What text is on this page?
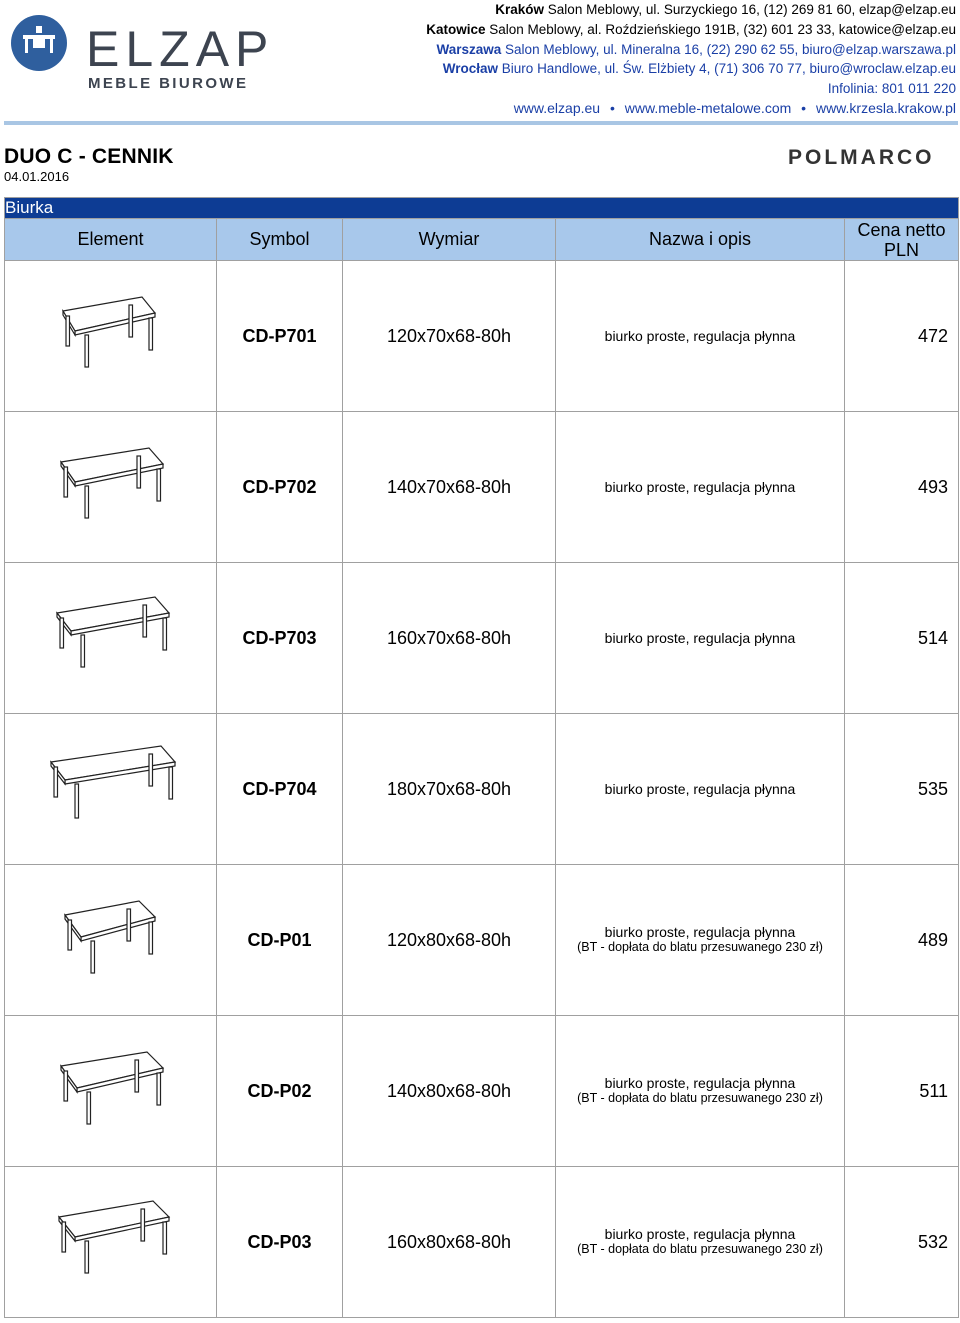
ELZAP
MEBLE BIUROWE
Kraków Salon Meblowy, ul. Surzyckiego 16, (12) 269 81 60, elzap@elzap.eu
Katowice Salon Meblowy, al. Roździeńskiego 191B, (32) 601 23 33, katowice@elzap.eu
Warszawa Salon Meblowy, ul. Mineralna 16, (22) 290 62 55, biuro@elzap.warszawa.pl
Wrocław Biuro Handlowe, ul. Św. Elżbiety 4, (71) 306 70 77, biuro@wroclaw.elzap.eu
Infolinia: 801 011 220
www.elzap.eu • www.meble-metalowe.com • www.krzesla.krakow.pl
DUO C - CENNIK
04.01.2016
POLMARCO
Biurka				
Element	Symbol	Wymiar	Nazwa i opis	Cena netto
PLN

	CD-P701	120x70x68-80h	biurko proste, regulacja płynna	472

	CD-P702	140x70x68-80h	biurko proste, regulacja płynna	493

	CD-P703	160x70x68-80h	biurko proste, regulacja płynna	514

	CD-P704	180x70x68-80h	biurko proste, regulacja płynna	535

	CD-P01	120x80x68-80h	biurko proste, regulacja płynna
(BT - dopłata do blatu przesuwanego 230 zł)	489

	CD-P02	140x80x68-80h	biurko proste, regulacja płynna
(BT - dopłata do blatu przesuwanego 230 zł)	511

	CD-P03	160x80x68-80h	biurko proste, regulacja płynna
(BT - dopłata do blatu przesuwanego 230 zł)	532
